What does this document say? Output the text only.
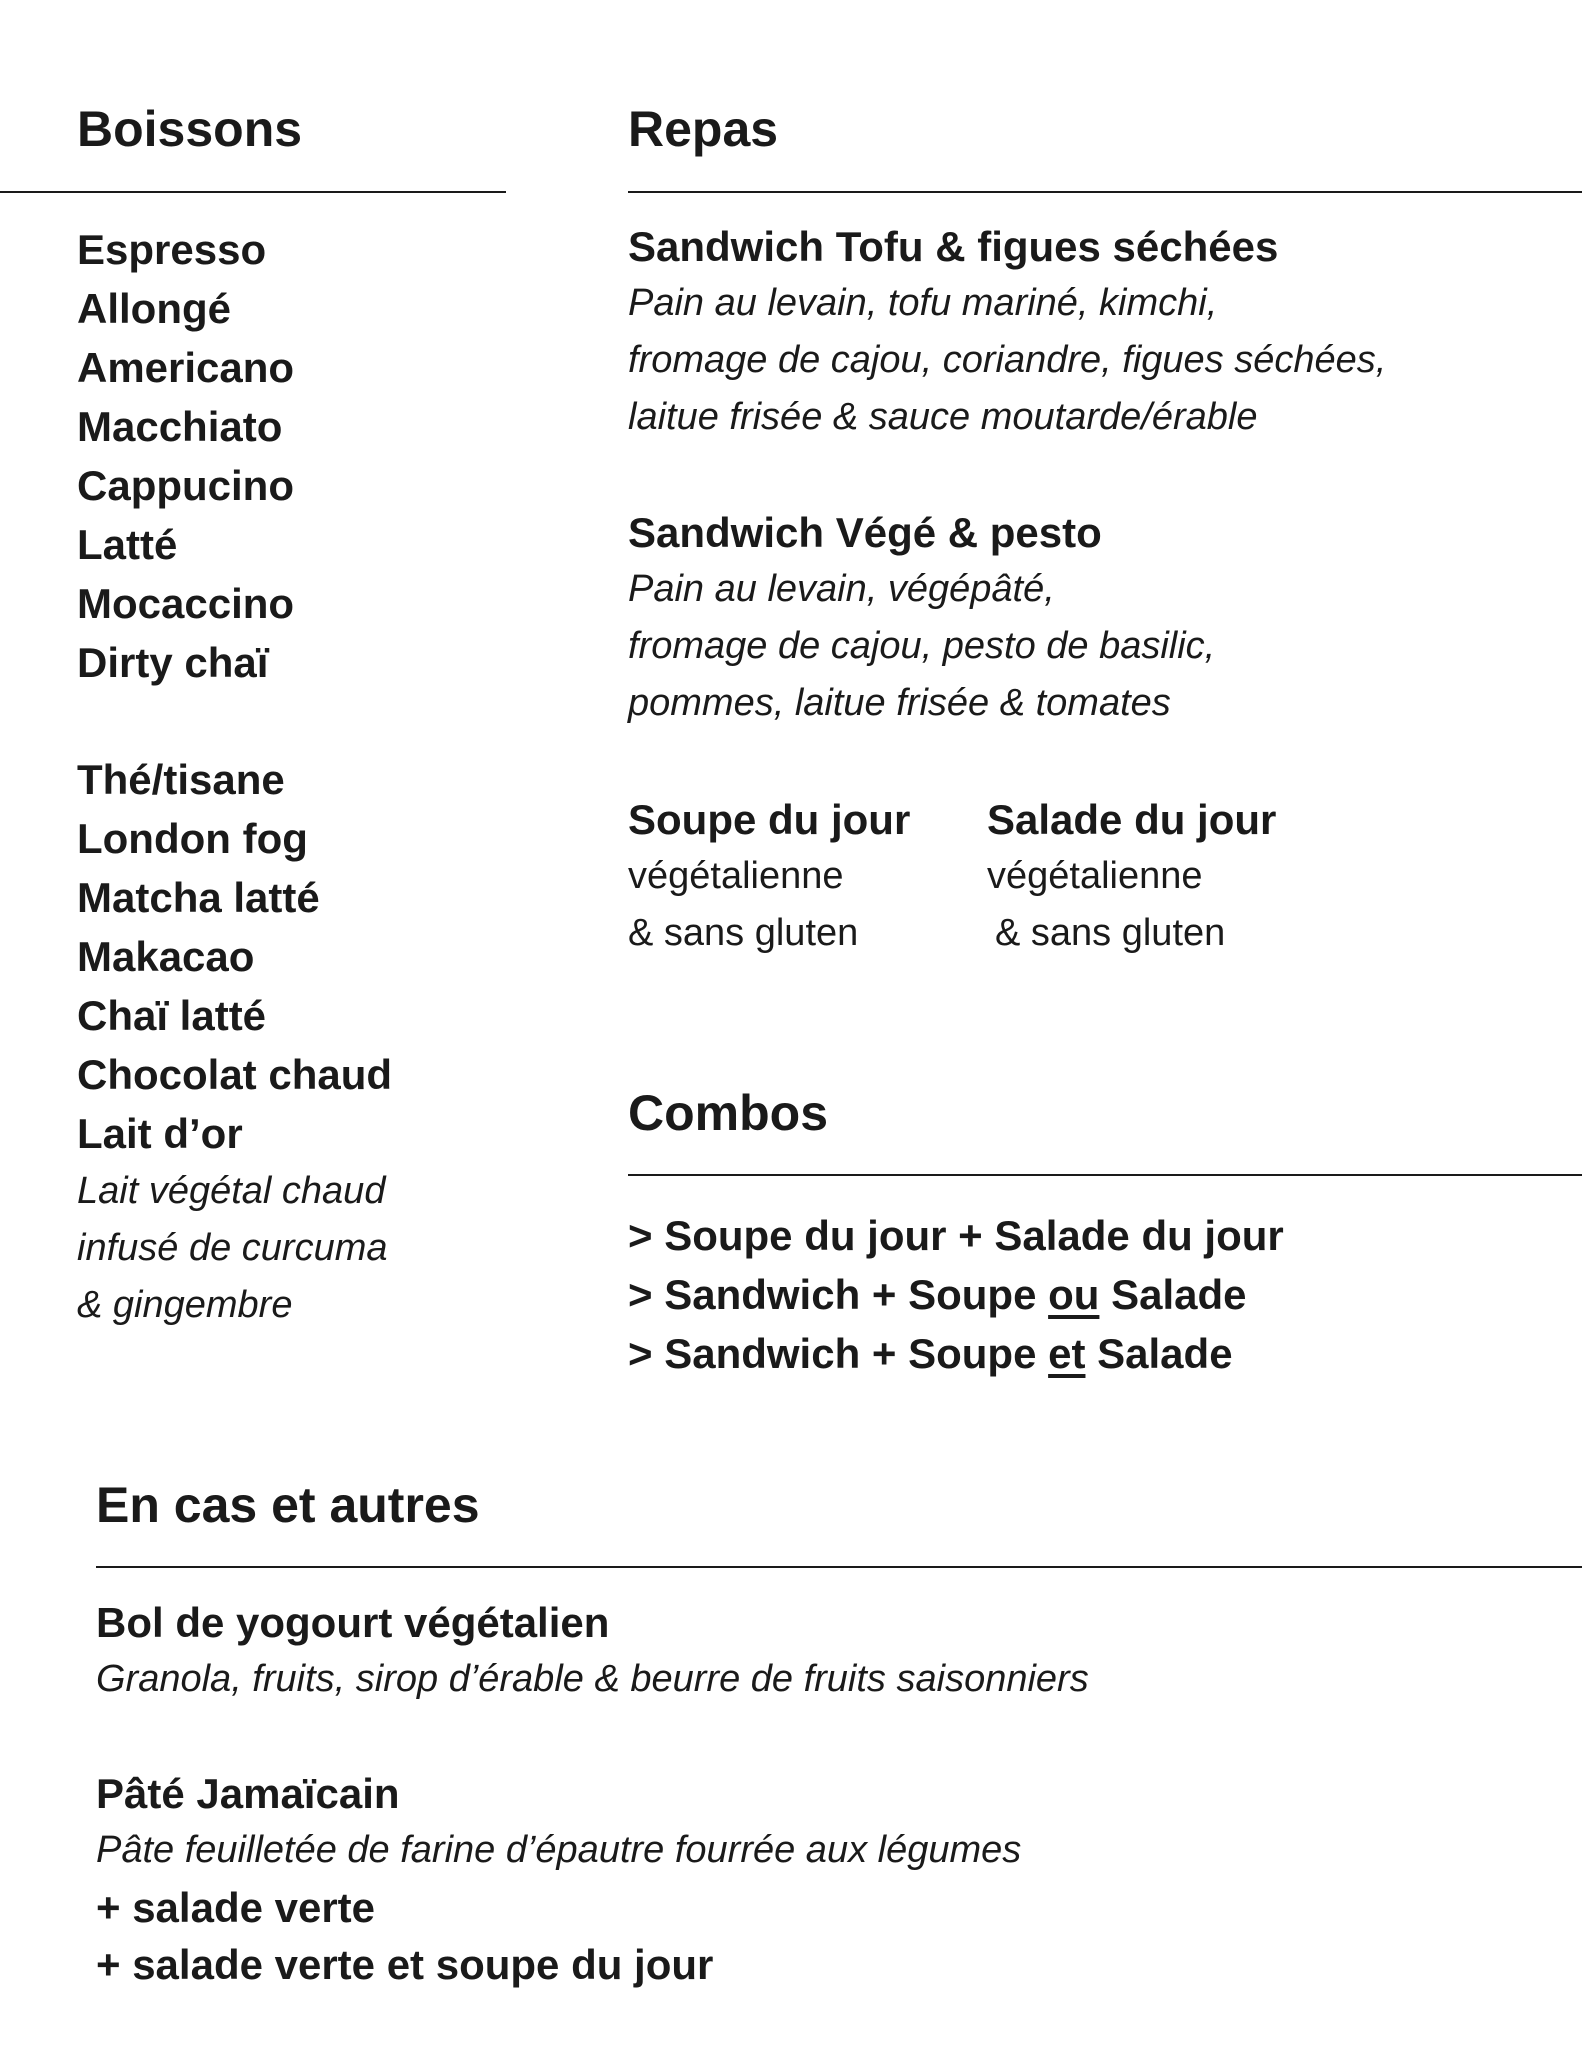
Boissons
Espresso
Allongé
Americano
Macchiato
Cappucino
Latté
Mocaccino
Dirty chaï
Thé/tisane
London fog
Matcha latté
Makacao
Chaï latté
Chocolat chaud
Lait d’or
Lait végétal chaud
infusé de curcuma
& gingembre
Repas
Sandwich Tofu & figues séchées
Pain au levain, tofu mariné, kimchi,
fromage de cajou, coriandre, figues séchées,
laitue frisée & sauce moutarde/érable
Sandwich Végé & pesto
Pain au levain, végépâté,
fromage de cajou, pesto de basilic,
pommes, laitue frisée & tomates
Soupe du jour
végétalienne
& sans gluten
Salade du jour
végétalienne
& sans gluten
Combos
> Soupe du jour + Salade du jour
> Sandwich + Soupe ou Salade
> Sandwich + Soupe et Salade
En cas et autres
Bol de yogourt végétalien
Granola, fruits, sirop d’érable & beurre de fruits saisonniers
Pâté Jamaïcain
Pâte feuilletée de farine d’épautre fourrée aux légumes
+ salade verte
+ salade verte et soupe du jour
